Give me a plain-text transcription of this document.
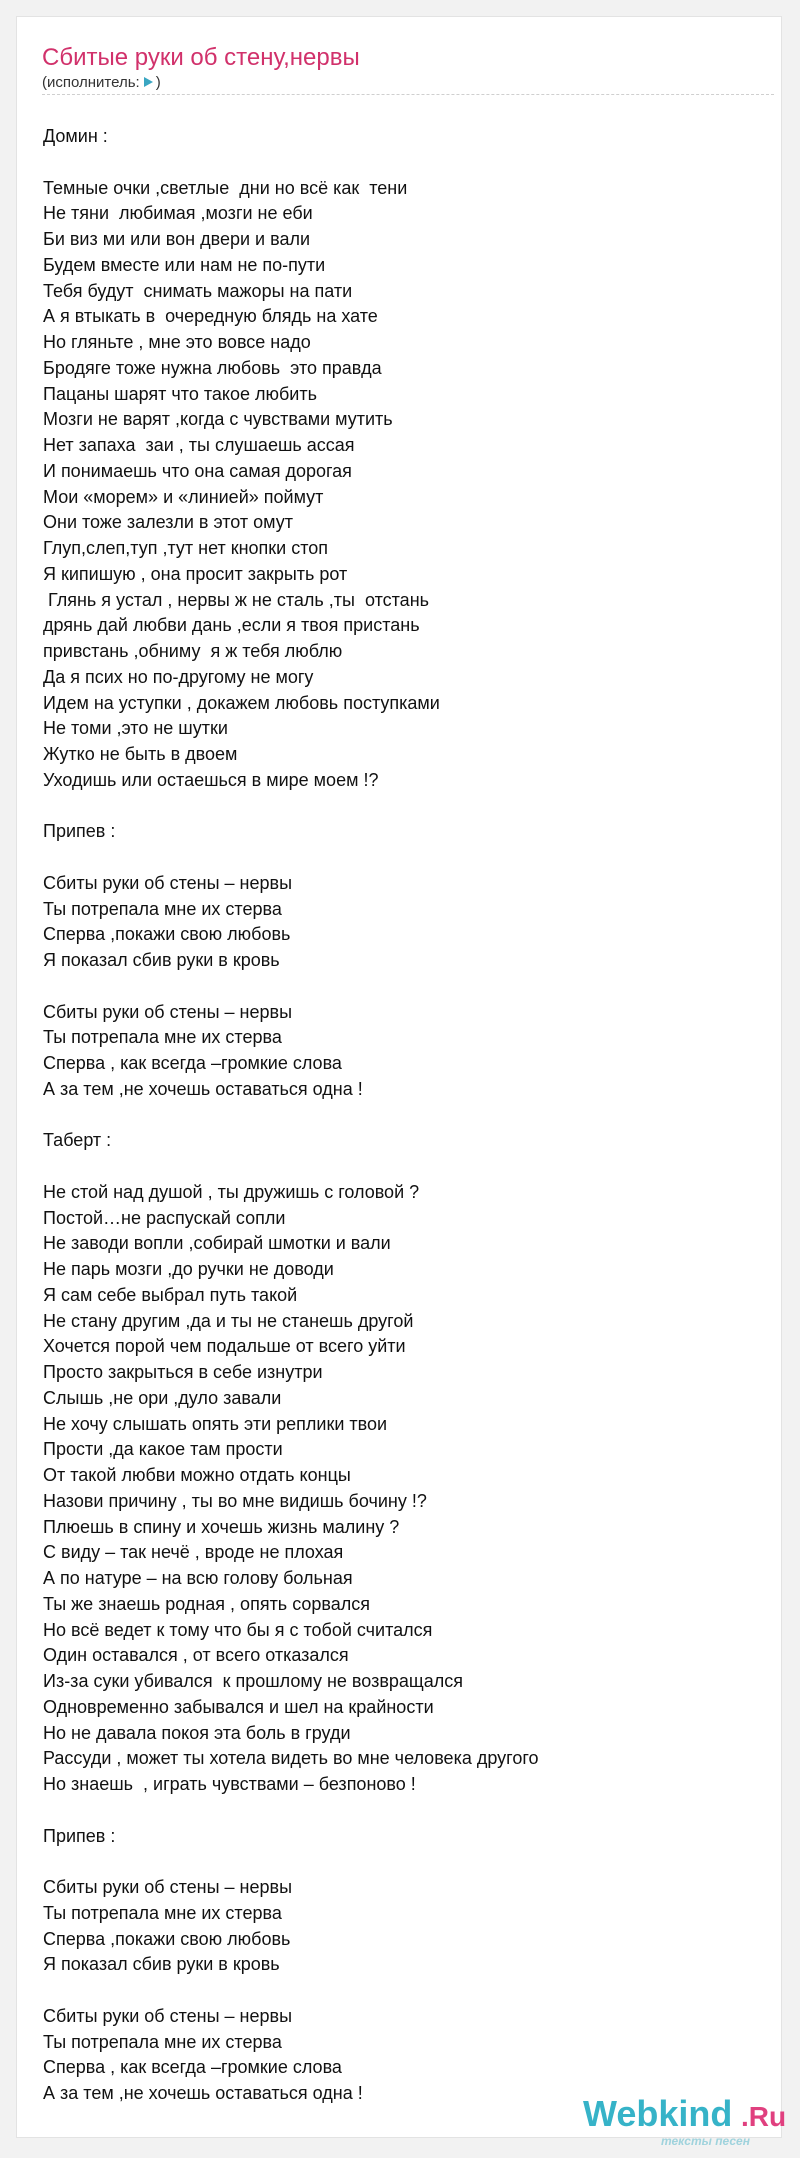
Сбитые руки об стену,нервы
(исполнитель: )
Домин :
Темные очки ,светлые  дни но всё как  тени
Не тяни  любимая ,мозги не еби
Би виз ми или вон двери и вали
Будем вместе или нам не по-пути
Тебя будут  снимать мажоры на пати
А я втыкать в  очередную блядь на хате
Но гляньте , мне это вовсе надо
Бродяге тоже нужна любовь  это правда
Пацаны шарят что такое любить
Мозги не варят ,когда с чувствами мутить
Нет запаха  заи , ты слушаешь ассая
И понимаешь что она самая дорогая
Мои «морем» и «линией» поймут
Они тоже залезли в этот омут
Глуп,слеп,туп ,тут нет кнопки стоп
Я кипишую , она просит закрыть рот
Глянь я устал , нервы ж не сталь ,ты  отстань
дрянь дай любви дань ,если я твоя пристань
привстань ,обниму  я ж тебя люблю
Да я псих но по-другому не могу
Идем на уступки , докажем любовь поступками
Не томи ,это не шутки
Жутко не быть в двоем
Уходишь или остаешься в мире моем !?
Припев :
Сбиты руки об стены – нервы
Ты потрепала мне их стерва
Сперва ,покажи свою любовь
Я показал сбив руки в кровь
Сбиты руки об стены – нервы
Ты потрепала мне их стерва
Сперва , как всегда –громкие слова
А за тем ,не хочешь оставаться одна !
Таберт :
Не стой над душой , ты дружишь с головой ?
Постой…не распускай сопли
Не заводи вопли ,собирай шмотки и вали
Не парь мозги ,до ручки не доводи
Я сам себе выбрал путь такой
Не стану другим ,да и ты не станешь другой
Хочется порой чем подальше от всего уйти
Просто закрыться в себе изнутри
Слышь ,не ори ,дуло завали
Не хочу слышать опять эти реплики твои
Прости ,да какое там прости
От такой любви можно отдать концы
Назови причину , ты во мне видишь бочину !?
Плюешь в спину и хочешь жизнь малину ?
С виду – так нечё , вроде не плохая
А по натуре – на всю голову больная
Ты же знаешь родная , опять сорвался
Но всё ведет к тому что бы я с тобой считался
Один оставался , от всего отказался
Из-за суки убивался  к прошлому не возвращался
Одновременно забывался и шел на крайности
Но не давала покоя эта боль в груди
Рассуди , может ты хотела видеть во мне человека другого
Но знаешь  , играть чувствами – безпоново !
Припев :
Сбиты руки об стены – нервы
Ты потрепала мне их стерва
Сперва ,покажи свою любовь
Я показал сбив руки в кровь
Сбиты руки об стены – нервы
Ты потрепала мне их стерва
Сперва , как всегда –громкие слова
А за тем ,не хочешь оставаться одна !	Webkind .Ru
тексты песен
